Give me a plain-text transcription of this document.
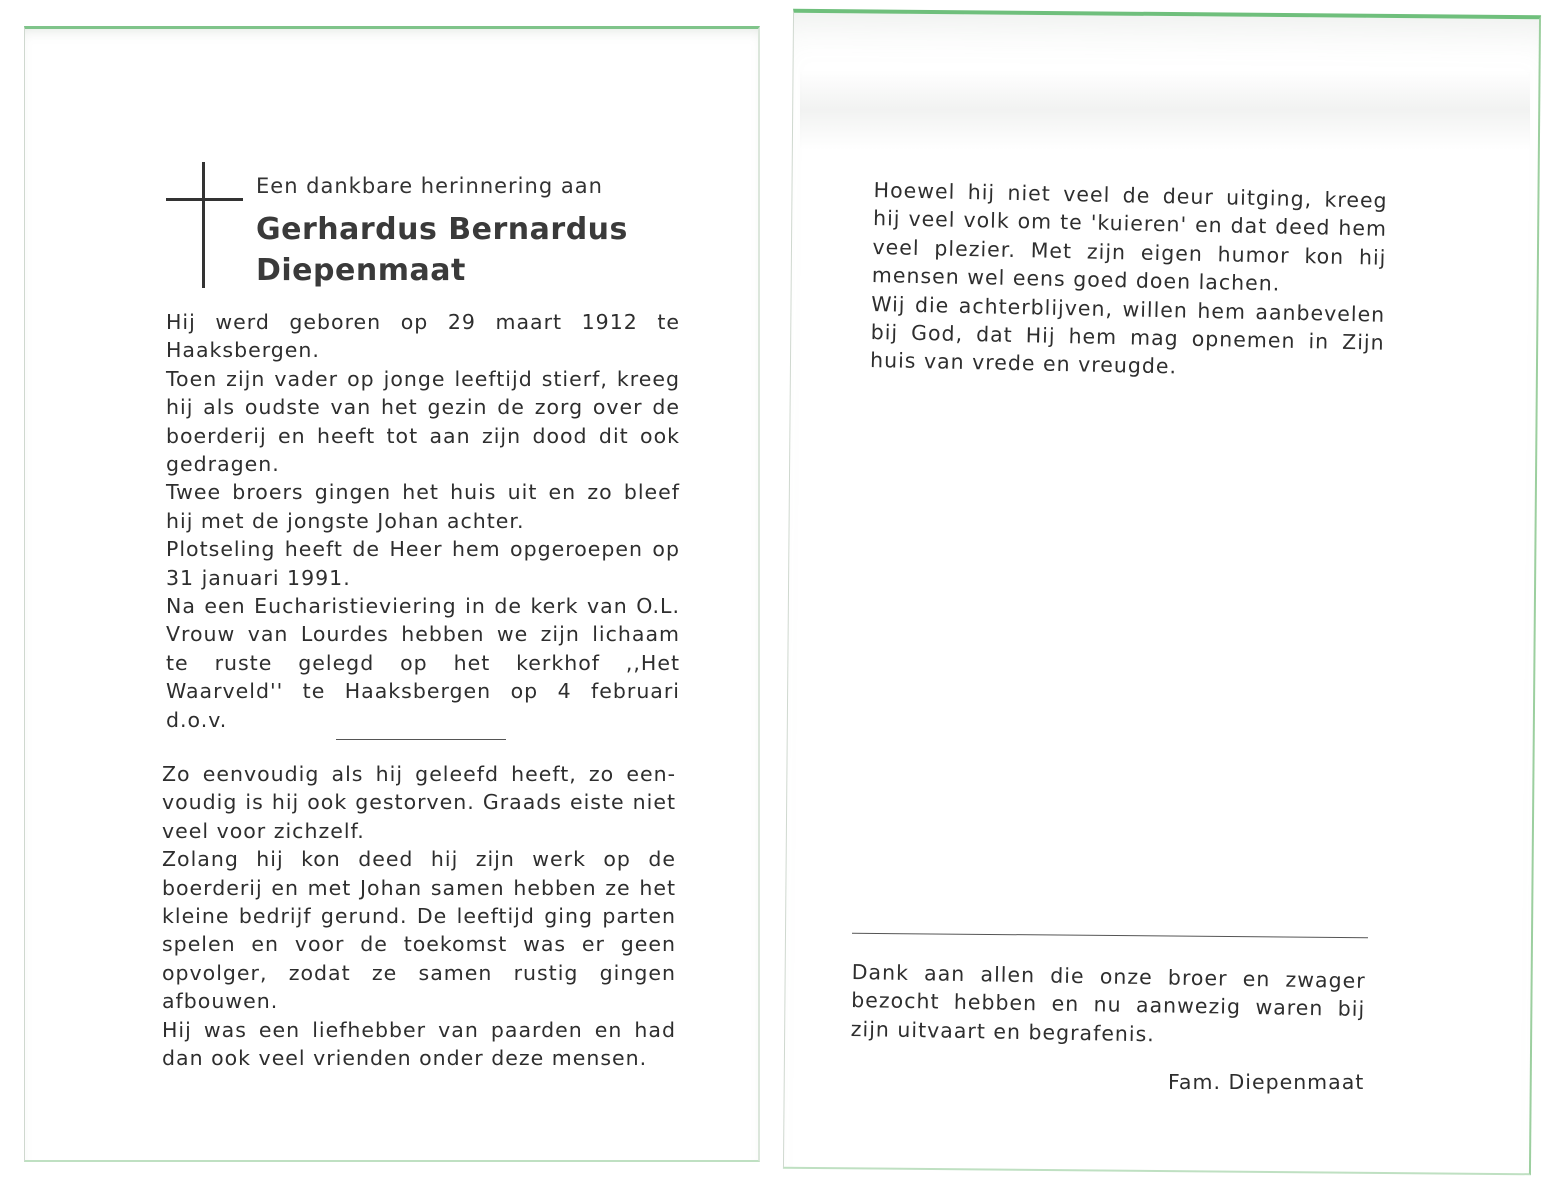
Een dankbare herinnering aan
Gerhardus Bernardus
Diepenmaat

Hij werd geboren op 29 maart 1912 te Haaksbergen.

Toen zijn vader op jonge leeftijd stierf, kreeg hij als oudste van het gezin de zorg over de boerderij en heeft tot aan zijn dood dit ook gedragen.

Twee broers gingen het huis uit en zo bleef hij met de jongste Johan achter.

Plotseling heeft de Heer hem opgeroepen op 31 januari 1991.

Na een Eucharistieviering in de kerk van O.L. Vrouw van Lourdes hebben we zijn lichaam te ruste gelegd op het kerkhof ,,Het Waarveld'' te Haaksbergen op 4 februari d.o.v.

Zo eenvoudig als hij geleefd heeft, zo een-voudig is hij ook gestorven. Graads eiste niet veel voor zichzelf.

Zolang hij kon deed hij zijn werk op de boerderij en met Johan samen hebben ze het kleine bedrijf gerund. De leeftijd ging parten spelen en voor de toekomst was er geen opvolger, zodat ze samen rustig gingen afbouwen.

Hij was een liefhebber van paarden en had dan ook veel vrienden onder deze mensen.

Hoewel hij niet veel de deur uitging, kreeg hij veel volk om te 'kuieren' en dat deed hem veel plezier. Met zijn eigen humor kon hij mensen wel eens goed doen lachen.

Wij die achterblijven, willen hem aanbevelen bij God, dat Hij hem mag opnemen in Zijn huis van vrede en vreugde.

Dank aan allen die onze broer en zwager bezocht hebben en nu aanwezig waren bij zijn uitvaart en begrafenis.

Fam. Diepenmaat
